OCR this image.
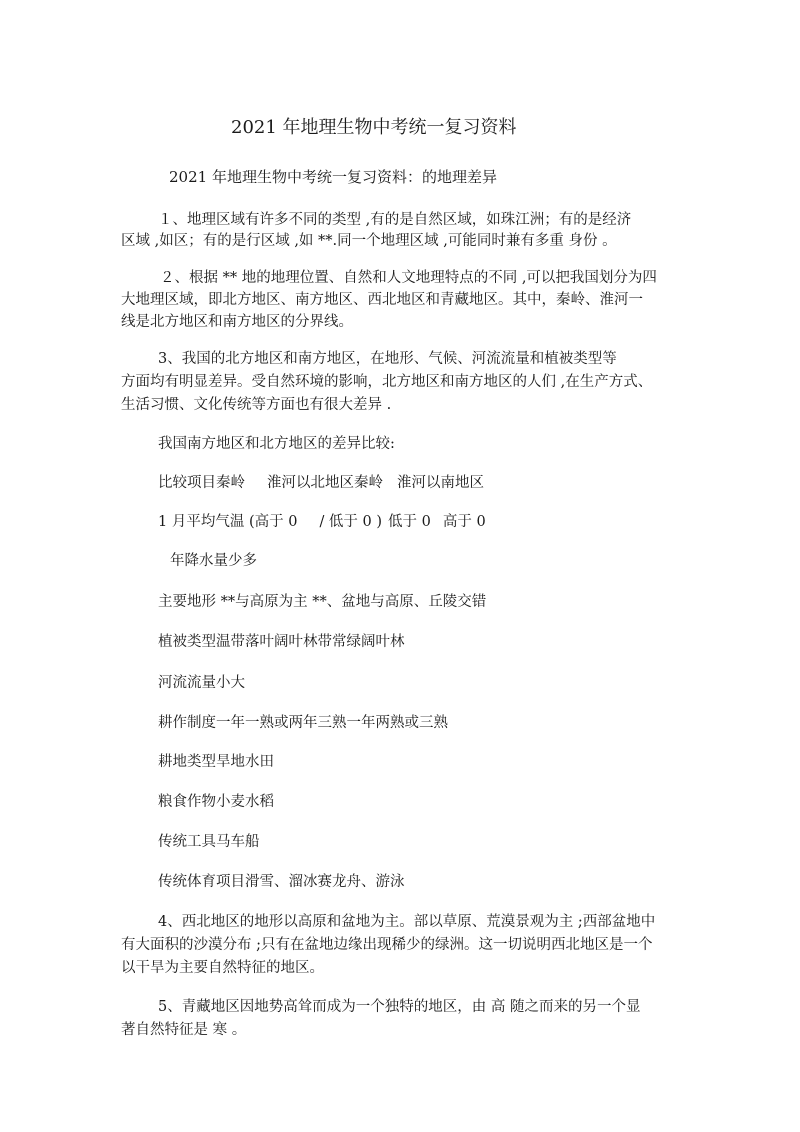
2021 年地理生物中考统一复习资料

2021 年地理生物中考统一复习资料：的地理差异

１、地理区域有许多不同的类型 ,有的是自然区域，如珠江洲；有的是经济

区域 ,如区；有的是行区域 ,如 **.同一个地理区域 ,可能同时兼有多重 身份 。

２、根据 ** 地的地理位置、自然和人文地理特点的不同 ,可以把我国划分为四

大地理区域，即北方地区、南方地区、西北地区和青藏地区。其中，秦岭、淮河一

线是北方地区和南方地区的分界线。

3、我国的北方地区和南方地区，在地形、气候、河流流量和植被类型等

方面均有明显差异。受自然环境的影响，北方地区和南方地区的人们 ,在生产方式、

生活习惯、文化传统等方面也有很大差异 .

我国南方地区和北方地区的差异比较:

比较项目秦岭 淮河以北地区秦岭 淮河以南地区

1 月平均气温 (高于 0 / 低于 0 ) 低于 0 高于 0

年降水量少多

主要地形 **与高原为主 **、盆地与高原、丘陵交错

植被类型温带落叶阔叶林带常绿阔叶林

河流流量小大

耕作制度一年一熟或两年三熟一年两熟或三熟

耕地类型旱地水田

粮食作物小麦水稻

传统工具马车船

传统体育项目滑雪、溜冰赛龙舟、游泳

4、西北地区的地形以高原和盆地为主。部以草原、荒漠景观为主 ;西部盆地中

有大面积的沙漠分布 ;只有在盆地边缘出现稀少的绿洲。这一切说明西北地区是一个

以干旱为主要自然特征的地区。

5、青藏地区因地势高耸而成为一个独特的地区，由 高 随之而来的另一个显

著自然特征是 寒 。
